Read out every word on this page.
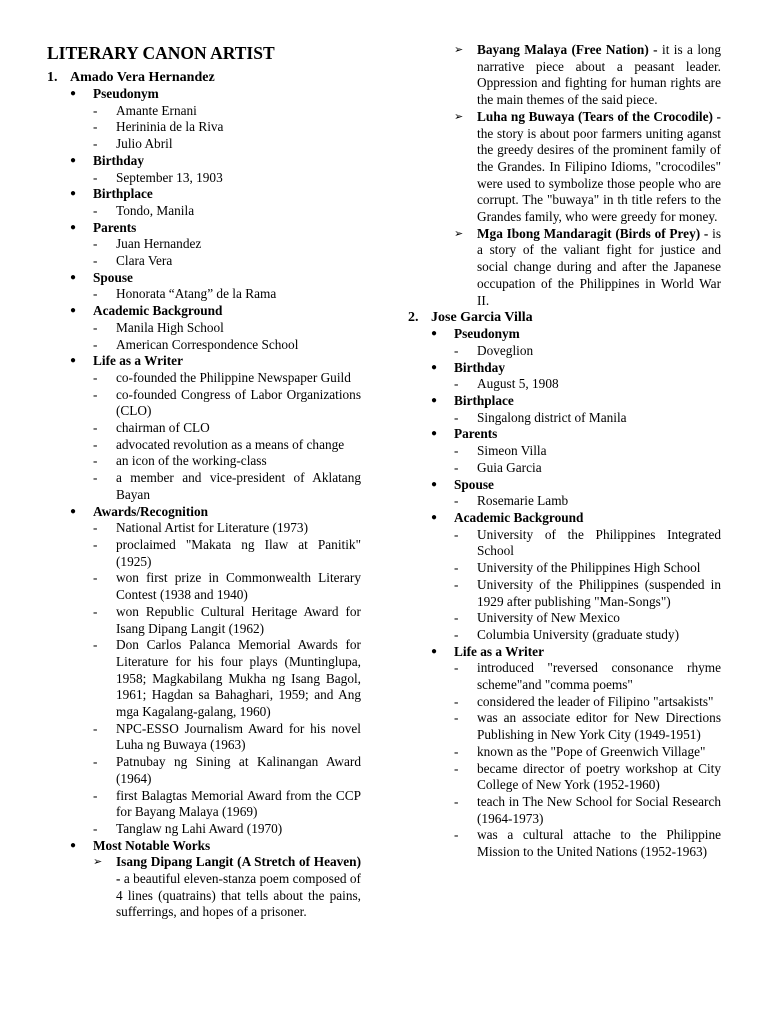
LITERARY CANON ARTIST
1. Amado Vera Hernandez
●	Pseudonym
-	Amante Ernani
-	Herininia de la Riva
-	Julio Abril
●	Birthday
-	September 13, 1903
●	Birthplace
-	Tondo, Manila
●	Parents
-	Juan Hernandez
-	Clara Vera
●	Spouse
-	Honorata “Atang” de la Rama
●	Academic Background
-	Manila High School
-	American Correspondence School
●	Life as a Writer
-	co-founded the Philippine Newspaper Guild
-	co-founded Congress of Labor Organizations (CLO)
-	chairman of CLO
-	advocated revolution as a means of change
-	an icon of the working-class
-	a member and vice-president of Aklatang Bayan
●	Awards/Recognition
-	National Artist for Literature (1973)
-	proclaimed "Makata ng Ilaw at Panitik" (1925)
-	won first prize in Commonwealth Literary Contest (1938 and 1940)
-	won Republic Cultural Heritage Award for Isang Dipang Langit (1962)
-	Don Carlos Palanca Memorial Awards for Literature for his four plays (Muntinglupa, 1958; Magkabilang Mukha ng Isang Bagol, 1961; Hagdan sa Bahaghari, 1959; and Ang mga Kagalang-galang, 1960)
-	NPC-ESSO Journalism Award for his novel Luha ng Buwaya (1963)
-	Patnubay ng Sining at Kalinangan Award (1964)
-	first Balagtas Memorial Award from the CCP for Bayang Malaya (1969)
-	Tanglaw ng Lahi Award (1970)
●	Most Notable Works
➢	Isang Dipang Langit (A Stretch of Heaven) - a beautiful eleven-stanza poem composed of 4 lines (quatrains) that tells about the pains, sufferrings, and hopes of a prisoner.
➢	Bayang Malaya (Free Nation) - it is a long narrative piece about a peasant leader. Oppression and fighting for human rights are the main themes of the said piece.
➢	Luha ng Buwaya (Tears of the Crocodile) - the story is about poor farmers uniting aganst the greedy desires of the prominent family of the Grandes. In Filipino Idioms, "crocodiles" were used to symbolize those people who are corrupt. The "buwaya" in th title refers to the Grandes family, who were greedy for money.
➢	Mga Ibong Mandaragit (Birds of Prey) - is a story of the valiant fight for justice and social change during and after the Japanese occupation of the Philippines in World War II.
2. Jose Garcia Villa
●	Pseudonym
-	Doveglion
●	Birthday
-	August 5, 1908
●	Birthplace
-	Singalong district of Manila
●	Parents
-	Simeon Villa
-	Guia Garcia
●	Spouse
-	Rosemarie Lamb
●	Academic Background
-	University of the Philippines Integrated School
-	University of the Philippines High School
-	University of the Philippines (suspended in 1929 after publishing "Man-Songs")
-	University of New Mexico
-	Columbia University (graduate study)
●	Life as a Writer
-	introduced "reversed consonance rhyme scheme"and "comma poems"
-	considered the leader of Filipino "artsakists"
-	was an associate editor for New Directions Publishing in New York City (1949-1951)
-	known as the "Pope of Greenwich Village"
-	became director of poetry workshop at City College of New York (1952-1960)
-	teach in The New School for Social Research (1964-1973)
-	was a cultural attache to the Philippine Mission to the United Nations (1952-1963)
